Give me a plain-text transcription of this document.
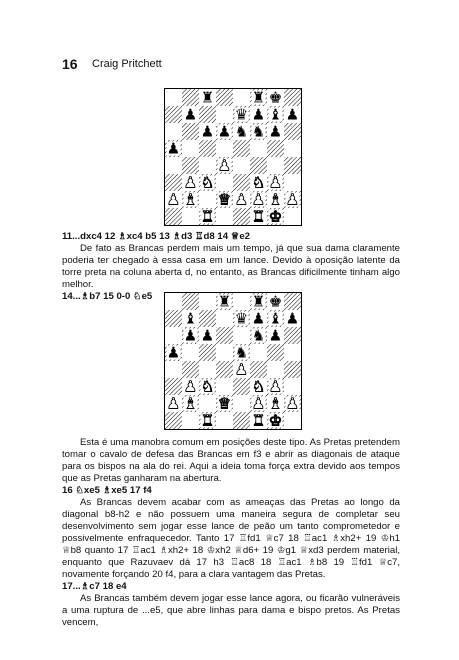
16 Craig Pritchett
♜	♜ ♚
♟	♛ ♟ ♝ ♟
♟ ♟ ♞ ♞ ♟
♟
♟
♟ ♞	♞ ♟
♟ ♝ ♛ ♟ ♟ ♝ ♟
♜	♜ ♚
11...dxc4 12 ♗xc4 b5 13 ♗d3 ♖d8 14 ♕e2
De fato as Brancas perdem mais um tempo, já que sua dama claramente poderia ter chegado à essa casa em um lance. Devido à oposição latente da torre preta na coluna aberta d, no entanto, as Brancas dificilmente tinham algo melhor.
14...♗b7 15 0-0 ♘e5	♜ ♜ ♚
♝	♛ ♟ ♝ ♟
♟ ♟	♞ ♟
♟	♞
♟
♟ ♞	♞ ♟
♟ ♝ ♛ ♟ ♝ ♟
♜	♜ ♚
Esta é uma manobra comum em posições deste tipo. As Pretas pretendem tomar o cavalo de defesa das Brancas em f3 e abrir as diagonais de ataque para os bispos na ala do rei. Aqui a ideia toma força extra devido aos tempos que as Pretas ganharam na abertura.
16 ♘xe5 ♗xe5 17 f4
As Brancas devem acabar com as ameaças das Pretas ao longo da diagonal b8-h2 e não possuem uma maneira segura de completar seu desenvolvimento sem jogar esse lance de peão um tanto comprometedor e possivelmente enfraquecedor. Tanto 17 ♖fd1 ♕c7 18 ♖ac1 ♗xh2+ 19 ♔h1 ♕b8 quanto 17 ♖ac1 ♗xh2+ 18 ♔xh2 ♕d6+ 19 ♔g1 ♕xd3 perdem material, enquanto que Razuvaev dá 17 h3 ♖ac8 18 ♖ac1 ♗b8 19 ♖fd1 ♕c7, novamente forçando 20 f4, para a clara vantagem das Pretas.
17...♗c7 18 e4
As Brancas também devem jogar esse lance agora, ou ficarão vulneráveis a uma ruptura de ...e5, que abre linhas para dama e bispo pretos. As Pretas vencem,
